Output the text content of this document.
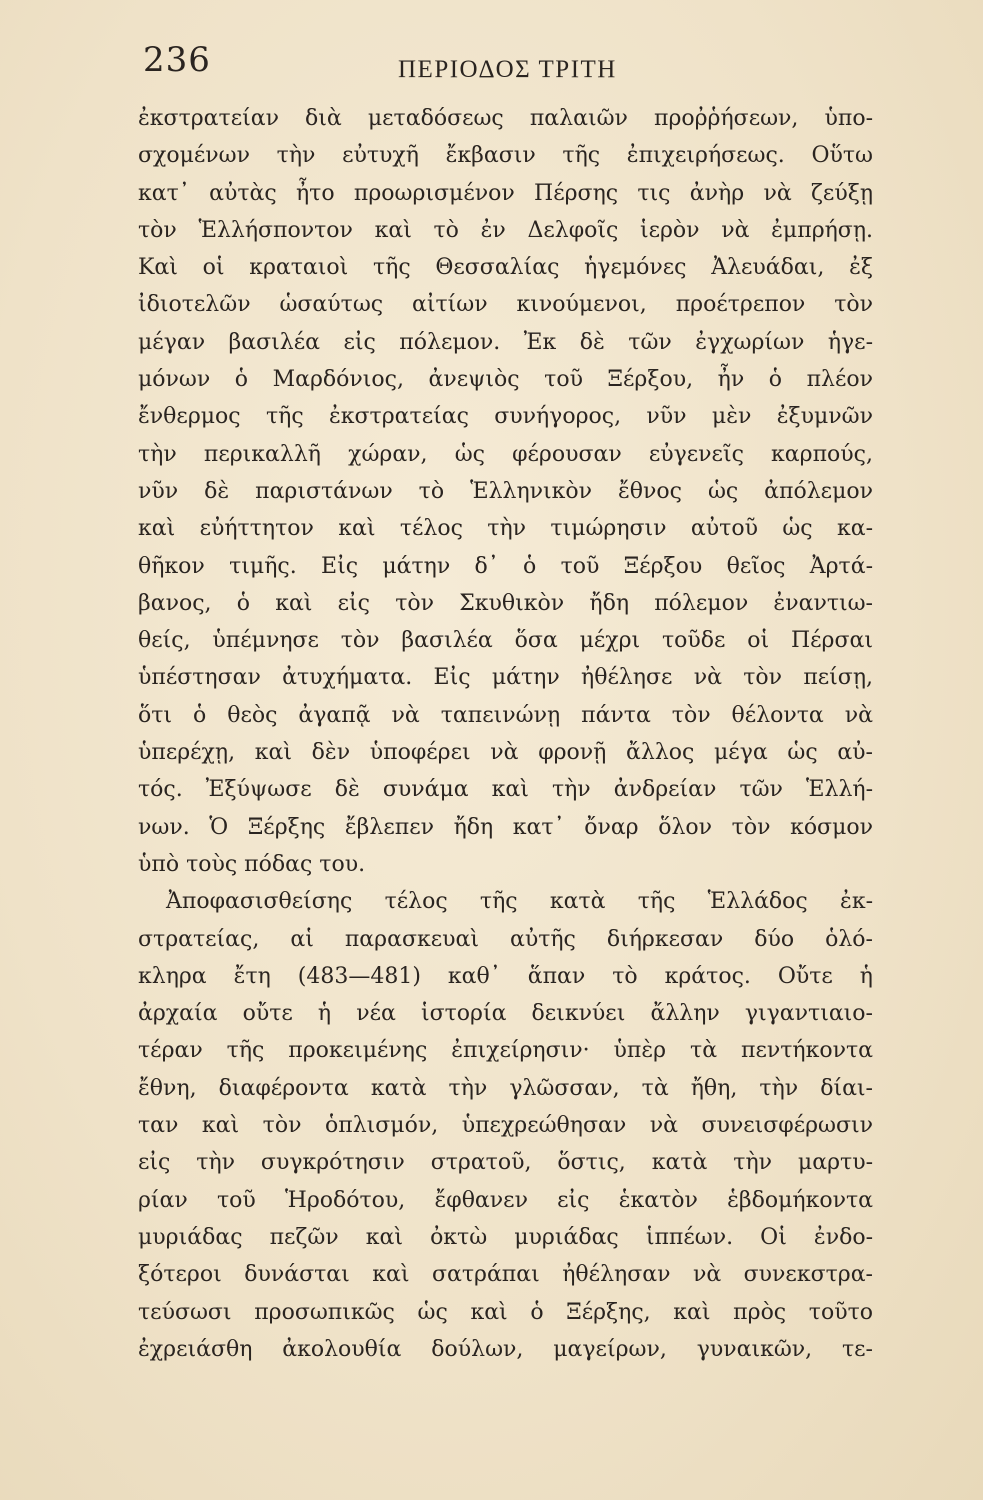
236	ΠΕΡΙΟΔΟΣ ΤΡΙΤΗ
ἐκστρατείαν διὰ μεταδόσεως παλαιῶν προῤῥήσεων, ὑπο-
σχομένων τὴν εὐτυχῆ ἔκβασιν τῆς ἐπιχειρήσεως. Οὕτω
κατ᾽ αὐτὰς ἦτο προωρισμένον Πέρσης τις ἀνὴρ νὰ ζεύξῃ
τὸν Ἑλλήσποντον καὶ τὸ ἐν Δελφοῖς ἱερὸν νὰ ἐμπρήσῃ.
Καὶ οἱ κραταιοὶ τῆς Θεσσαλίας ἡγεμόνες Ἀλευάδαι, ἐξ
ἰδιοτελῶν ὡσαύτως αἰτίων κινούμενοι, προέτρεπον τὸν
μέγαν βασιλέα εἰς πόλεμον. Ἐκ δὲ τῶν ἐγχωρίων ἡγε-
μόνων ὁ Μαρδόνιος, ἀνεψιὸς τοῦ Ξέρξου, ἦν ὁ πλέον
ἔνθερμος τῆς ἐκστρατείας συνήγορος, νῦν μὲν ἐξυμνῶν
τὴν περικαλλῆ χώραν, ὡς φέρουσαν εὐγενεῖς καρπούς,
νῦν δὲ παριστάνων τὸ Ἑλληνικὸν ἔθνος ὡς ἀπόλεμον
καὶ εὐήττητον καὶ τέλος τὴν τιμώρησιν αὐτοῦ ὡς κα-
θῆκον τιμῆς. Εἰς μάτην δ᾽ ὁ τοῦ Ξέρξου θεῖος Ἀρτά-
βανος, ὁ καὶ εἰς τὸν Σκυθικὸν ἤδη πόλεμον ἐναντιω-
θείς, ὑπέμνησε τὸν βασιλέα ὅσα μέχρι τοῦδε οἱ Πέρσαι
ὑπέστησαν ἀτυχήματα. Εἰς μάτην ἠθέλησε νὰ τὸν πείσῃ,
ὅτι ὁ θεὸς ἀγαπᾷ νὰ ταπεινώνῃ πάντα τὸν θέλοντα νὰ
ὑπερέχῃ, καὶ δὲν ὑποφέρει νὰ φρονῇ ἄλλος μέγα ὡς αὐ-
τός. Ἐξύψωσε δὲ συνάμα καὶ τὴν ἀνδρείαν τῶν Ἑλλή-
νων. Ὁ Ξέρξης ἔβλεπεν ἤδη κατ᾽ ὄναρ ὅλον τὸν κόσμον
ὑπὸ τοὺς πόδας του.
Ἀποφασισθείσης τέλος τῆς κατὰ τῆς Ἑλλάδος ἐκ-
στρατείας, αἱ παρασκευαὶ αὐτῆς διήρκεσαν δύο ὁλό-
κληρα ἔτη (483—481) καθ᾽ ἅπαν τὸ κράτος. Οὔτε ἡ
ἀρχαία οὔτε ἡ νέα ἱστορία δεικνύει ἄλλην γιγαντιαιο-
τέραν τῆς προκειμένης ἐπιχείρησιν· ὑπὲρ τὰ πεντήκοντα
ἔθνη, διαφέροντα κατὰ τὴν γλῶσσαν, τὰ ἤθη, τὴν δίαι-
ταν καὶ τὸν ὁπλισμόν, ὑπεχρεώθησαν νὰ συνεισφέρωσιν
εἰς τὴν συγκρότησιν στρατοῦ, ὅστις, κατὰ τὴν μαρτυ-
ρίαν τοῦ Ἡροδότου, ἔφθανεν εἰς ἑκατὸν ἑβδομήκοντα
μυριάδας πεζῶν καὶ ὀκτὼ μυριάδας ἱππέων. Οἱ ἐνδο-
ξότεροι δυνάσται καὶ σατράπαι ἠθέλησαν νὰ συνεκστρα-
τεύσωσι προσωπικῶς ὡς καὶ ὁ Ξέρξης, καὶ πρὸς τοῦτο
ἐχρειάσθη ἀκολουθία δούλων, μαγείρων, γυναικῶν, τε-
